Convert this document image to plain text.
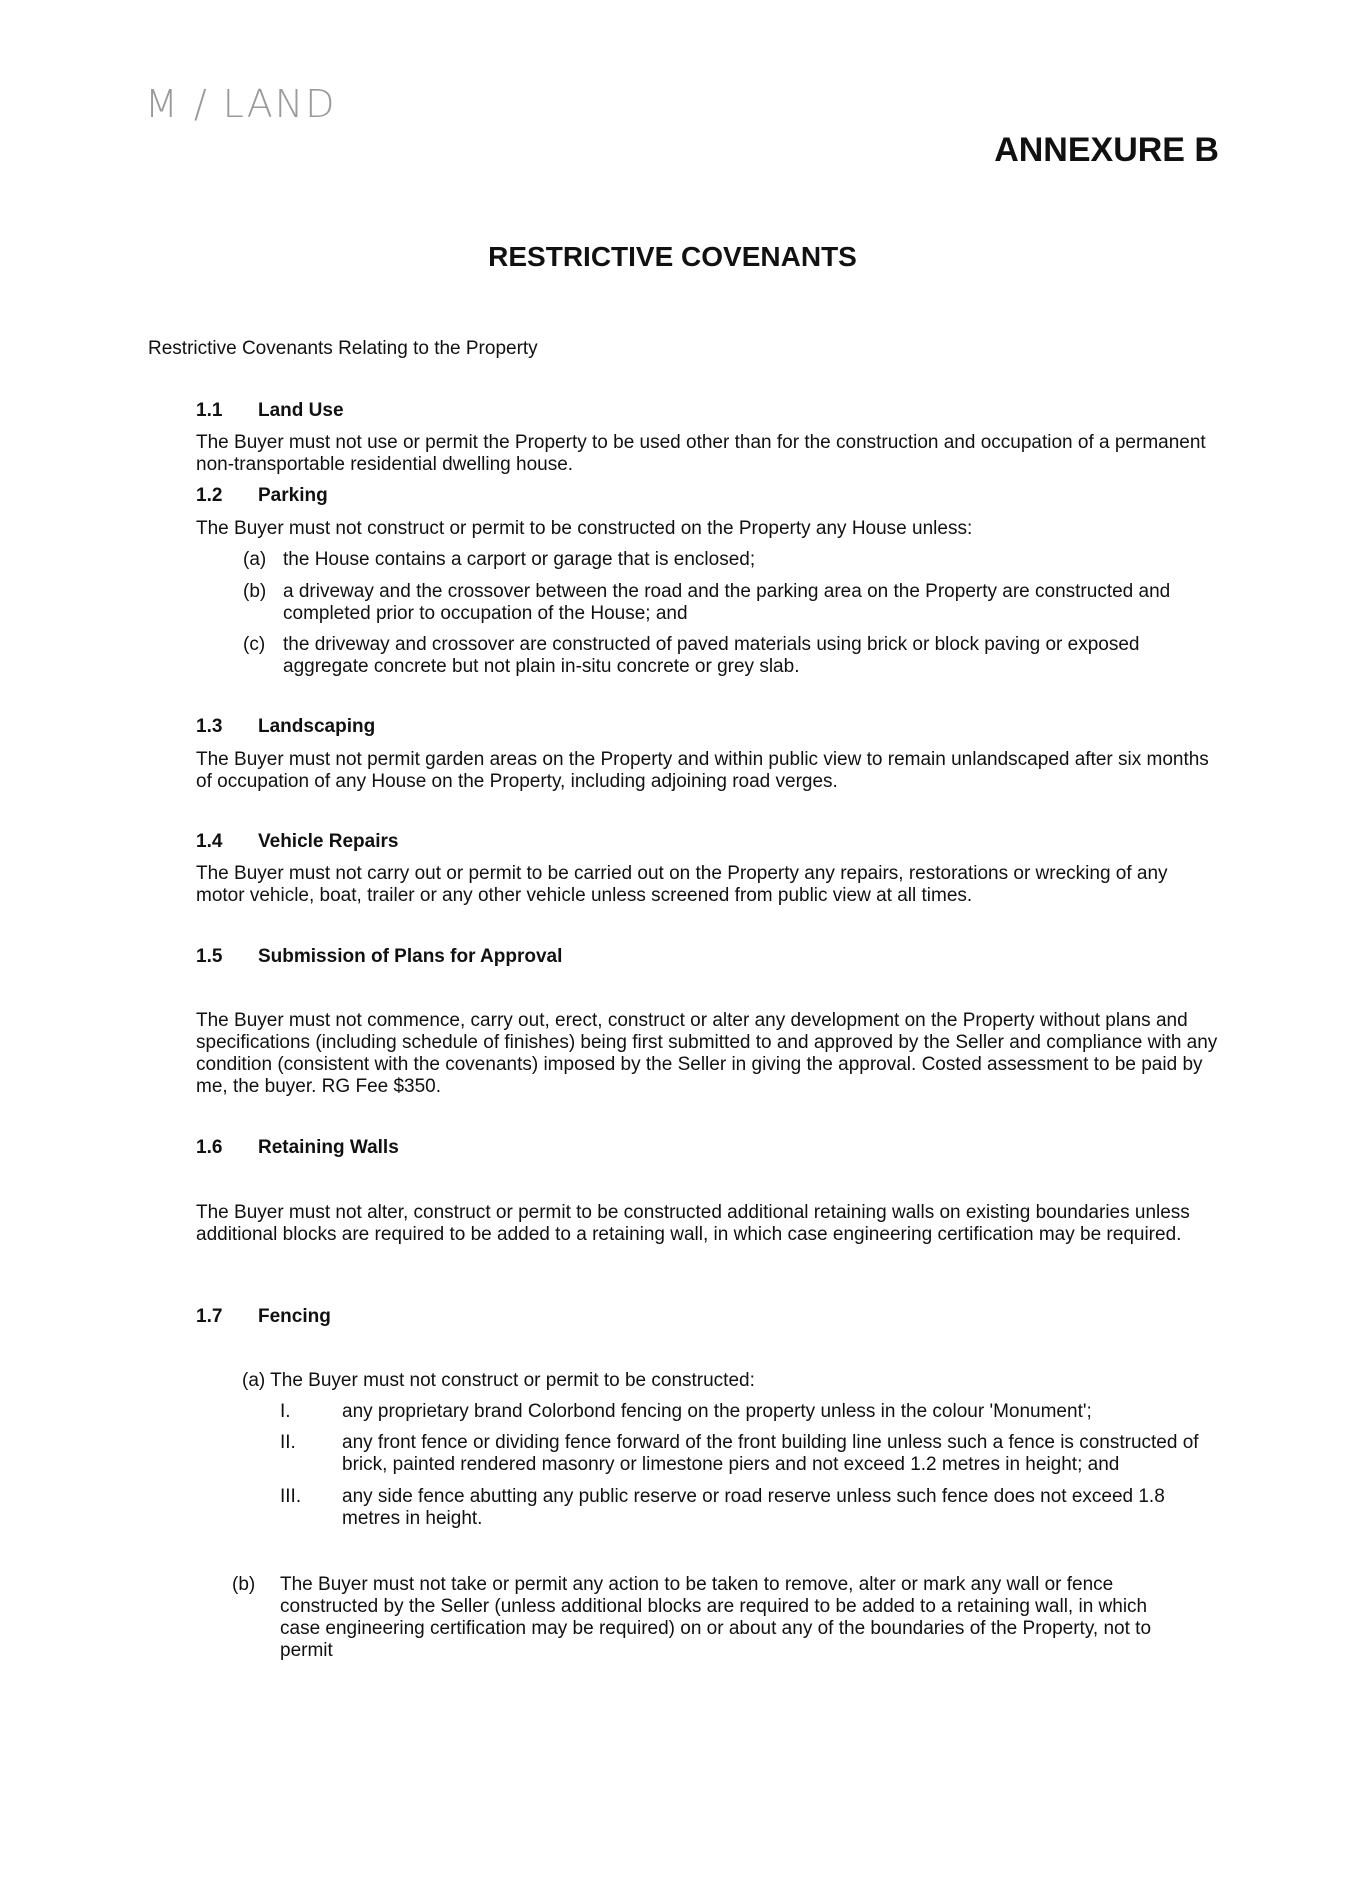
M / LAND
ANNEXURE B
RESTRICTIVE COVENANTS
Restrictive Covenants Relating to the Property
1.1 Land Use
The Buyer must not use or permit the Property to be used other than for the construction and occupation of a permanent non-transportable residential dwelling house.
1.2 Parking
The Buyer must not construct or permit to be constructed on the Property any House unless:
(a) the House contains a carport or garage that is enclosed;
(b) a driveway and the crossover between the road and the parking area on the Property are constructed and completed prior to occupation of the House; and
(c) the driveway and crossover are constructed of paved materials using brick or block paving or exposed aggregate concrete but not plain in-situ concrete or grey slab.
1.3 Landscaping
The Buyer must not permit garden areas on the Property and within public view to remain unlandscaped after six months of occupation of any House on the Property, including adjoining road verges.
1.4 Vehicle Repairs
The Buyer must not carry out or permit to be carried out on the Property any repairs, restorations or wrecking of any motor vehicle, boat, trailer or any other vehicle unless screened from public view at all times.
1.5 Submission of Plans for Approval
The Buyer must not commence, carry out, erect, construct or alter any development on the Property without plans and specifications (including schedule of finishes) being first submitted to and approved by the Seller and compliance with any condition (consistent with the covenants) imposed by the Seller in giving the approval. Costed assessment to be paid by me, the buyer. RG Fee $350.
1.6 Retaining Walls
The Buyer must not alter, construct or permit to be constructed additional retaining walls on existing boundaries unless additional blocks are required to be added to a retaining wall, in which case engineering certification may be required.
1.7 Fencing
(a) The Buyer must not construct or permit to be constructed:
I.	any proprietary brand Colorbond fencing on the property unless in the colour 'Monument';
II. any front fence or dividing fence forward of the front building line unless such a fence is constructed of brick, painted rendered masonry or limestone piers and not exceed 1.2 metres in height; and
III. any side fence abutting any public reserve or road reserve unless such fence does not exceed 1.8 metres in height.
(b) The Buyer must not take or permit any action to be taken to remove, alter or mark any wall or fence constructed by the Seller (unless additional blocks are required to be added to a retaining wall, in which case engineering certification may be required) on or about any of the boundaries of the Property, not to permit
